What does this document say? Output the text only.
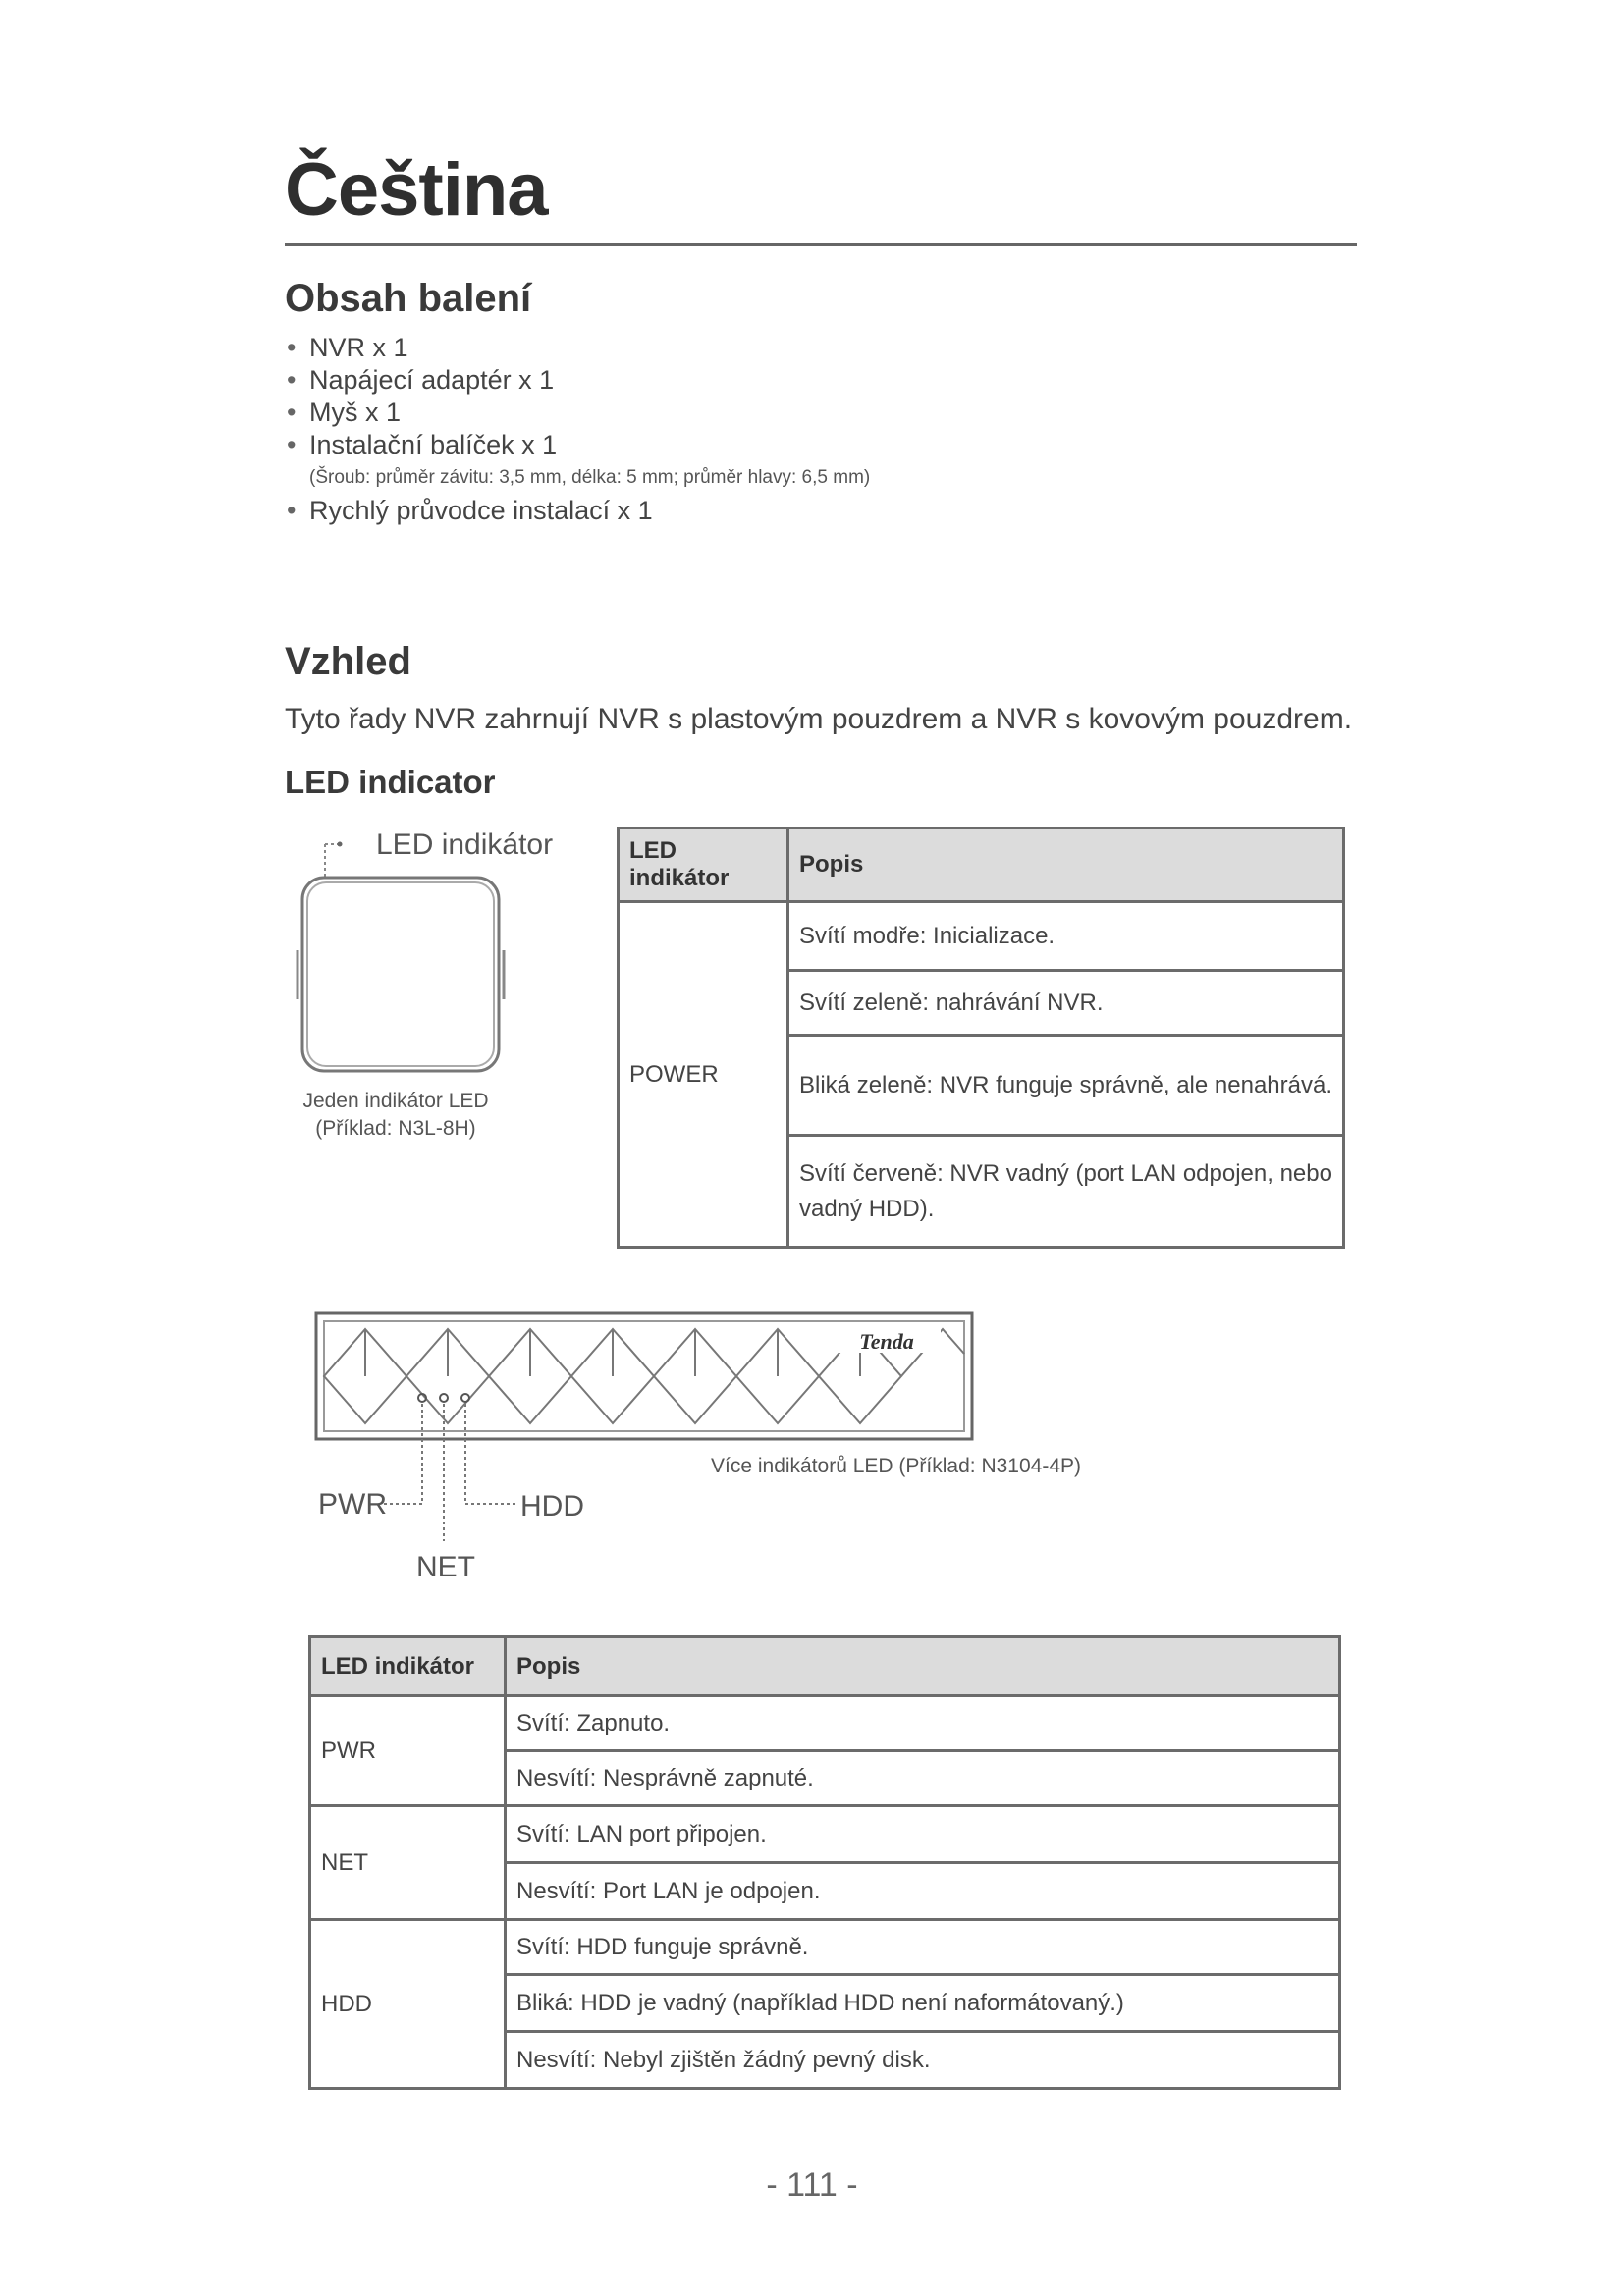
Čeština
Obsah balení
• NVR x 1
• Napájecí adaptér x 1
• Myš x 1
• Instalační balíček x 1
(Šroub: průměr závitu: 3,5 mm, délka: 5 mm; průměr hlavy: 6,5 mm)
• Rychlý průvodce instalací x 1
Vzhled
Tyto řady NVR zahrnují NVR s plastovým pouzdrem a NVR s kovovým pouzdrem.
LED indicator
LED indikátor
Jeden indikátor LED
(Příklad: N3L-8H)
LED indikátor	Popis
POWER	Svítí modře: Inicializace.
	Svítí zeleně: nahrávání NVR.
	Bliká zeleně: NVR funguje správně, ale nenahrává.
	Svítí červeně: NVR vadný (port LAN odpojen, nebo vadný HDD).
Tenda
PWR	HDD
NET
Více indikátorů LED (Příklad: N3104-4P)
LED indikátor	Popis
PWR	Svítí: Zapnuto.
	Nesvítí: Nesprávně zapnuté.
NET	Svítí: LAN port připojen.
	Nesvítí: Port LAN je odpojen.
HDD	Svítí: HDD funguje správně.
	Bliká: HDD je vadný (například HDD není naformátovaný.)
	Nesvítí: Nebyl zjištěn žádný pevný disk.
- 111 -
